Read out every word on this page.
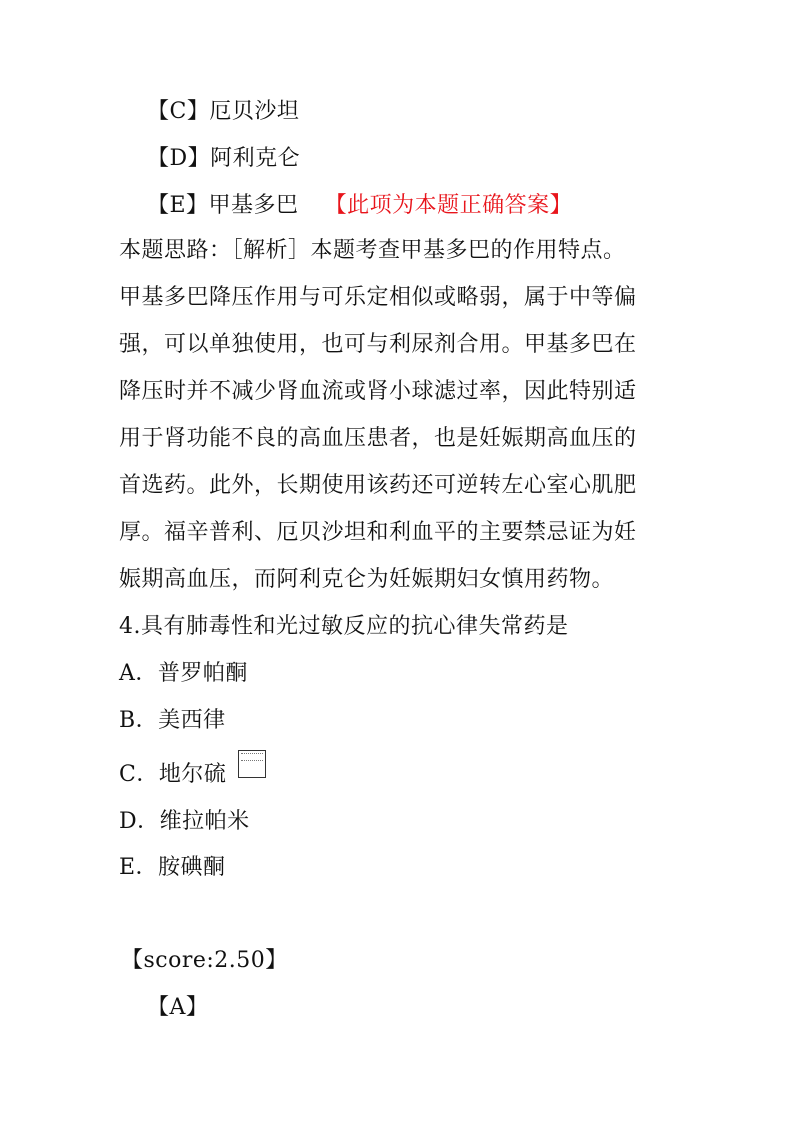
【C】厄贝沙坦
【D】阿利克仑
【E】甲基多巴 【此项为本题正确答案】
本题思路：［解析］本题考查甲基多巴的作用特点。
甲基多巴降压作用与可乐定相似或略弱，属于中等偏
强，可以单独使用，也可与利尿剂合用。甲基多巴在
降压时并不减少肾血流或肾小球滤过率，因此特别适
用于肾功能不良的高血压患者，也是妊娠期高血压的
首选药。此外，长期使用该药还可逆转左心室心肌肥
厚。福辛普利、厄贝沙坦和利血平的主要禁忌证为妊
娠期高血压，而阿利克仑为妊娠期妇女慎用药物。
4.具有肺毒性和光过敏反应的抗心律失常药是
A．普罗帕酮
B．美西律
C．地尔硫
D．维拉帕米
E．胺碘酮
【score:2.50】
【A】
